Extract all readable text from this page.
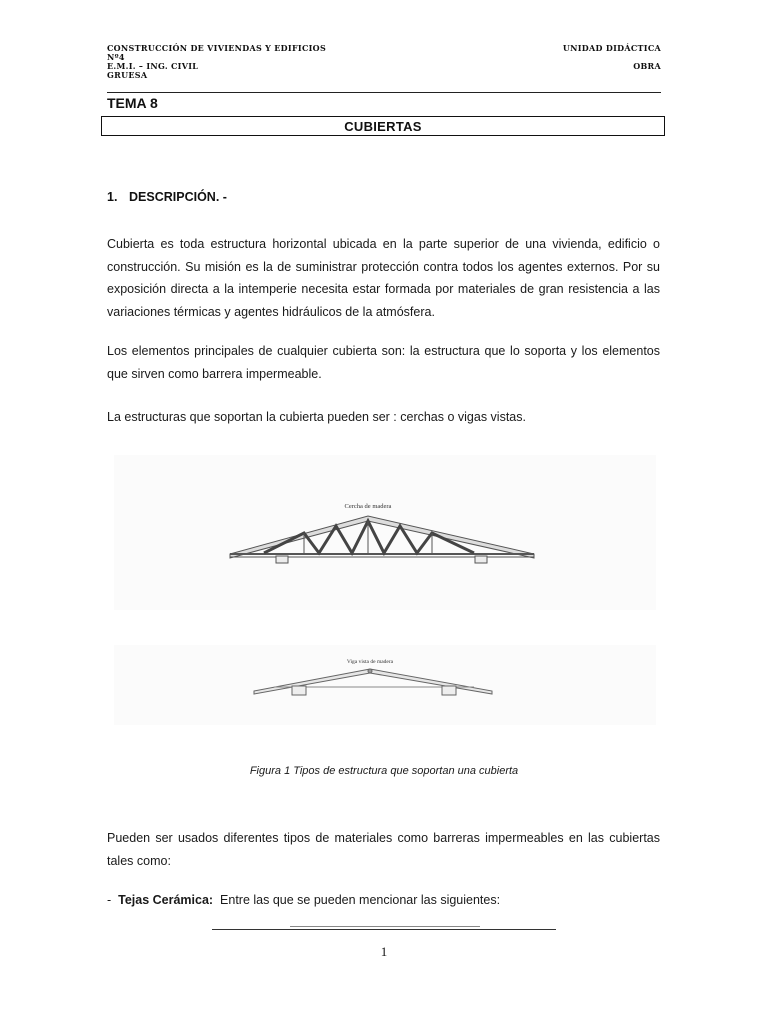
CONSTRUCCIÓN DE VIVIENDAS Y EDIFICIOS	UNIDAD DIDÁCTICA
Nº4
E.M.I. – ING. CIVIL	OBRA
GRUESA
TEMA 8
CUBIERTAS
1. DESCRIPCIÓN. -
Cubierta es toda estructura horizontal ubicada en la parte superior de una vivienda, edificio o construcción. Su misión es la de suministrar protección contra todos los agentes externos. Por su exposición directa a la intemperie necesita estar formada por materiales de gran resistencia a las variaciones térmicas y agentes hidráulicos de la atmósfera.
Los elementos principales de cualquier cubierta son: la estructura que lo soporta y los elementos que sirven como barrera impermeable.
La estructuras que soportan la cubierta pueden ser : cerchas o vigas vistas.
Cercha de madera
Viga vista de madera
Figura 1 Tipos de estructura que soportan una cubierta
Pueden ser usados diferentes tipos de materiales como barreras impermeables en las cubiertas tales como:
- Tejas Cerámica: Entre las que se pueden mencionar las siguientes:
1
